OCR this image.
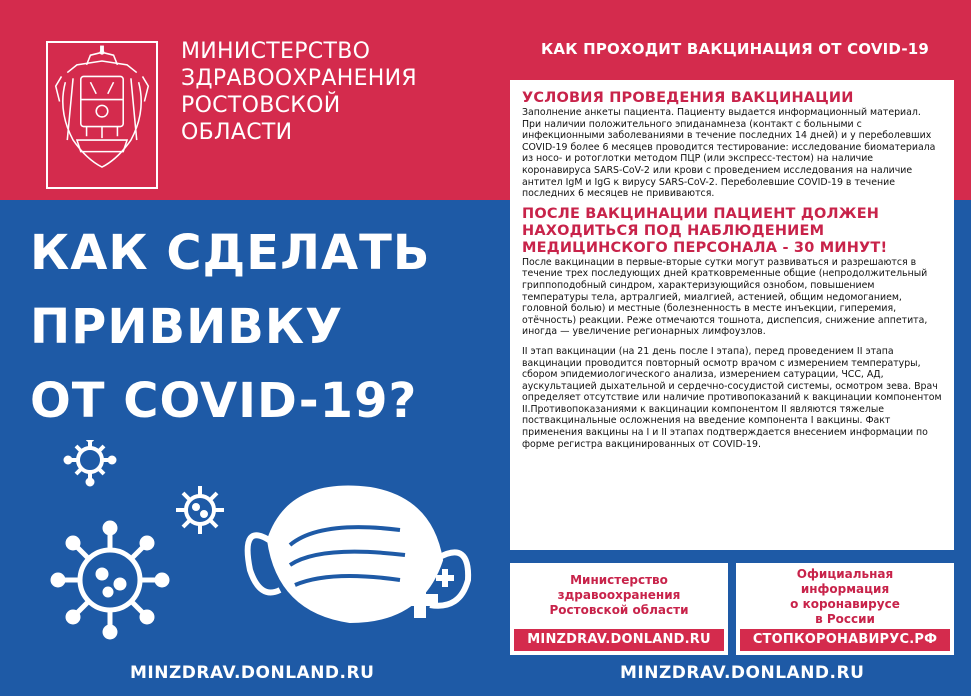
МИНИСТЕРСТВО
ЗДРАВООХРАНЕНИЯ
РОСТОВСКОЙ
ОБЛАСТИ
КАК СДЕЛАТЬ
ПРИВИВКУ
ОТ COVID-19?
КАК ПРОХОДИТ ВАКЦИНАЦИЯ ОТ COVID-19
УСЛОВИЯ ПРОВЕДЕНИЯ ВАКЦИНАЦИИ

Заполнение анкеты пациента. Пациенту выдается информационный материал. При наличии положительного эпиданамнеза (контакт с больными с инфекционными заболеваниями в течение последних 14 дней) и у переболевших COVID-19 более 6 месяцев проводится тестирование: исследование биоматериала из носо- и ротоглотки методом ПЦР (или экспресс-тестом) на наличие коронавируса SARS-CoV-2 или крови с проведением исследования на наличие антител IgM и IgG к вирусу SARS-CoV-2. Переболевшие COVID-19 в течение последних 6 месяцев не прививаются.

ПОСЛЕ ВАКЦИНАЦИИ ПАЦИЕНТ ДОЛЖЕН НАХОДИТЬСЯ ПОД НАБЛЮДЕНИЕМ МЕДИЦИНСКОГО ПЕРСОНАЛА - 30 МИНУТ!

После вакцинации в первые-вторые сутки могут развиваться и разрешаются в течение трех последующих дней кратковременные общие (непродолжительный гриппоподобный синдром, характеризующийся ознобом, повышением температуры тела, артралгией, миалгией, астенией, общим недомоганием, головной болью) и местные (болезненность в месте инъекции, гиперемия, отёчность) реакции. Реже отмечаются тошнота, диспепсия, снижение аппетита, иногда — увеличение регионарных лимфоузлов.

II этап вакцинации (на 21 день после I этапа), перед проведением II этапа вакцинации проводится повторный осмотр врачом с измерением температуры, сбором эпидемиологического анализа, измерением сатурации, ЧСС, АД, аускультацией дыхательной и сердечно-сосудистой системы, осмотром зева. Врач определяет отсутствие или наличие противопоказаний к вакцинации компонентом II.Противопоказаниями к вакцинации компонентом II являются тяжелые поствакцинальные осложнения на введение компонента I вакцины. Факт применения вакцины на I и II этапах подтверждается внесением информации по форме регистра вакцинированных от COVID-19.

Министерство
здравоохранения
Ростовской области
MINZDRAV.DONLAND.RU
Официальная
информация
о коронавирусе
в России
СТОПКОРОНАВИРУС.РФ
MINZDRAV.DONLAND.RU	MINZDRAV.DONLAND.RU
